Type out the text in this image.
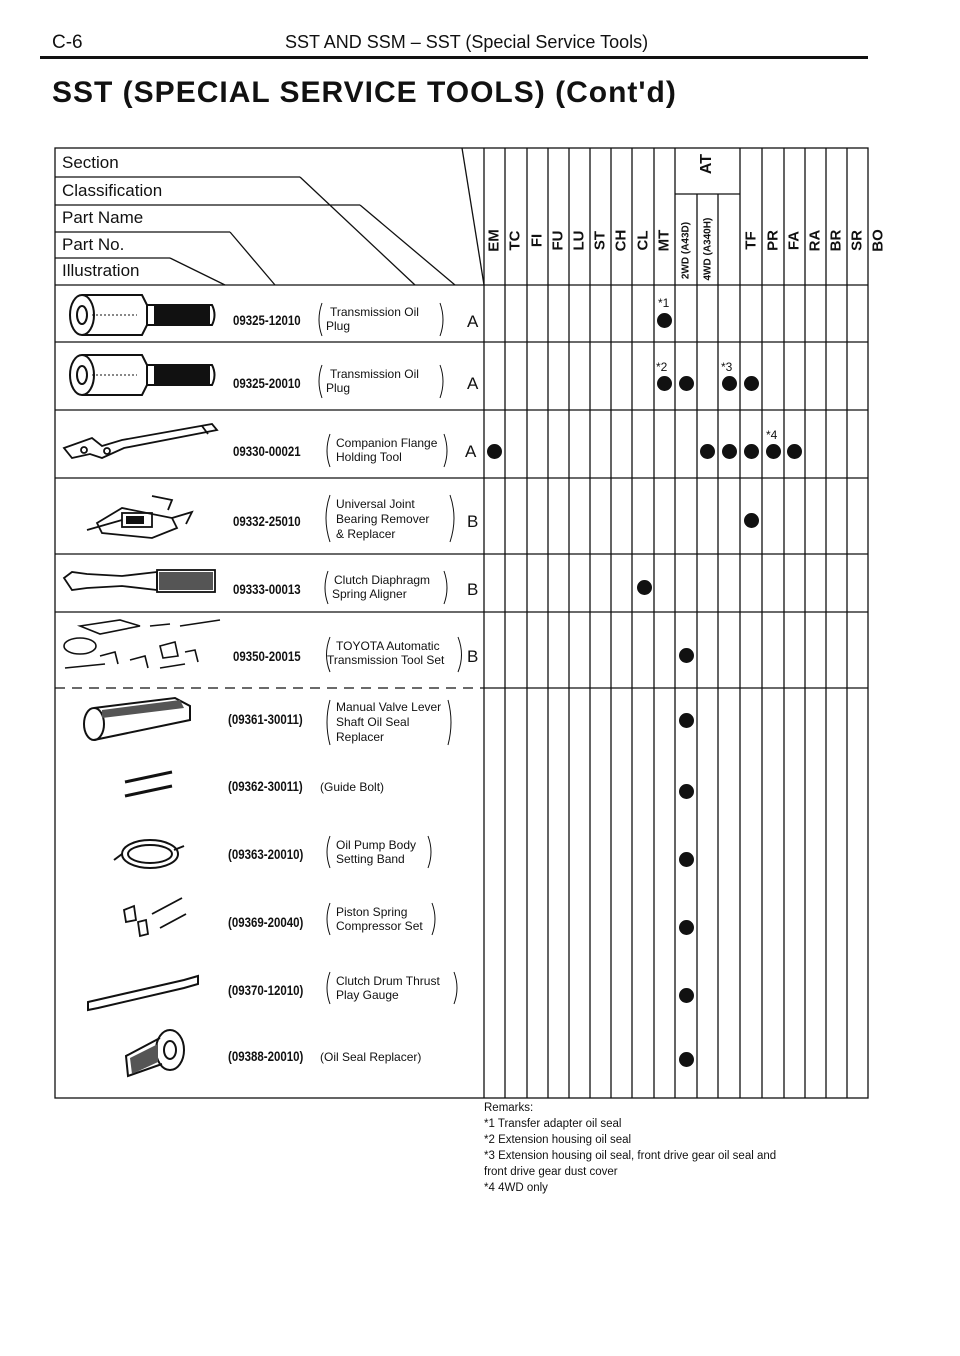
C-6	SST AND SSM – SST (Special Service Tools)
SST (SPECIAL SERVICE TOOLS) (Cont'd)
Section
Classification
Part Name
Part No.
Illustration
EM TC FI FU LU ST CH CL MT
AT
2WD (A43D) 4WD (A340H) TF PR FA RA BR SR BO
09325-12010
09325-20010
09330-00021
09332-25010
09333-00013
09350-20015
(09361-30011)
(09362-30011)
(09363-20010)
(09369-20040)
(09370-12010)
(09388-20010)
Transmission Oil
Plug
Transmission Oil
Plug
Companion Flange
Holding Tool
Universal Joint
Bearing Remover
& Replacer
Clutch Diaphragm
Spring Aligner
TOYOTA Automatic
Transmission Tool Set
Manual Valve Lever
Shaft Oil Seal
Replacer
(Guide Bolt)
Oil Pump Body
Setting Band
Piston Spring
Compressor Set
Clutch Drum Thrust
Play Gauge
(Oil Seal Replacer)
A
A
A
B
B
B
*1
*2	*3
*4
Remarks:
*1 Transfer adapter oil seal
*2 Extension housing oil seal
*3 Extension housing oil seal, front drive gear oil seal and
front drive gear dust cover
*4 4WD only
